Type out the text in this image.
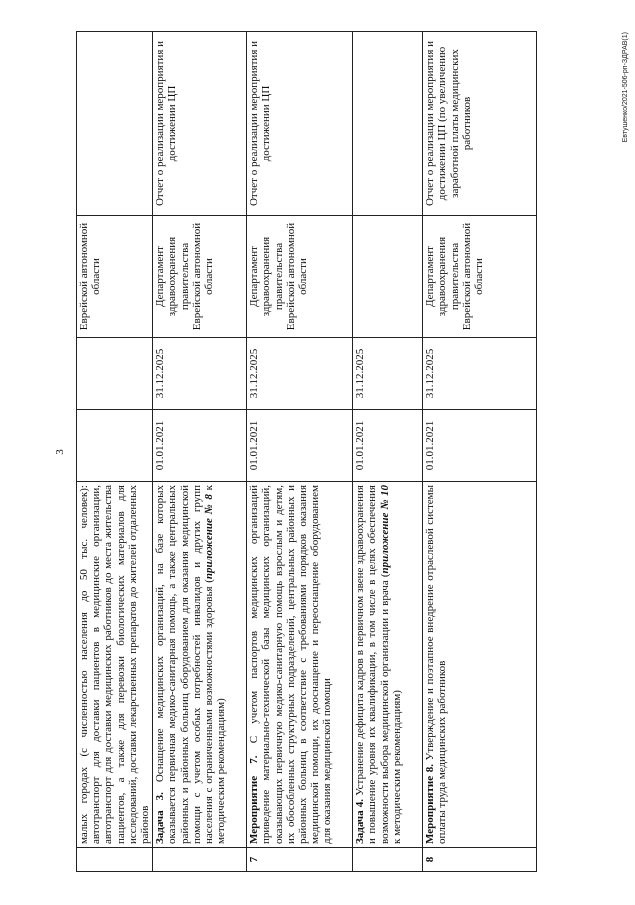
3
	малых городах (с численностью населения до 50 тыс. человек): автотранспорт для доставки пациентов в медицинские организации, автотранспорт для доставки медицинских работников до места жительства пациентов, а также для перевозки биологических материалов для исследований, доставки лекарственных препаратов до жителей отдаленных районов			Еврейской автономной области	
	Задача 3. Оснащение медицинских организаций, на базе которых оказывается первичная медико-санитарная помощь, а также центральных районных и районных больниц оборудованием для оказания медицинской помощи с учетом особых потребностей инвалидов и других групп населения с ограниченными возможностями здоровья (приложение № 8 к методическим рекомендациям)	01.01.2021	31.12.2025	Департамент здравоохранения правительства Еврейской автономной области	Отчет о реализации мероприятия и достижении ЦП
7	Мероприятие 7. С учетом паспортов медицинских организаций приведение материально-технической базы медицинских организаций, оказывающих первичную медико-санитарную помощь взрослым и детям, их обособленных структурных подразделений, центральных районных и районных больниц в соответствие с требованиями порядков оказания медицинской помощи, их дооснащение и переоснащение оборудованием для оказания медицинской помощи	01.01.2021	31.12.2025	Департамент здравоохранения правительства Еврейской автономной области	Отчет о реализации мероприятия и достижении ЦП
	Задача 4. Устранение дефицита кадров в первичном звене здравоохранения и повышение уровня их квалификации, в том числе в целях обеспечения возможности выбора медицинской организации и врача (приложение № 10 к методическим рекомендациям)	01.01.2021	31.12.2025		
8	Мероприятие 8. Утверждение и поэтапное внедрение отраслевой системы оплаты труда медицинских работников	01.01.2021	31.12.2025	Департамент здравоохранения правительства Еврейской автономной области	Отчет о реализации мероприятия и достижении ЦП (по увеличению заработной платы медицинских работников	Евтушенко/2021-506-рп-ЗДРАВ(1)
